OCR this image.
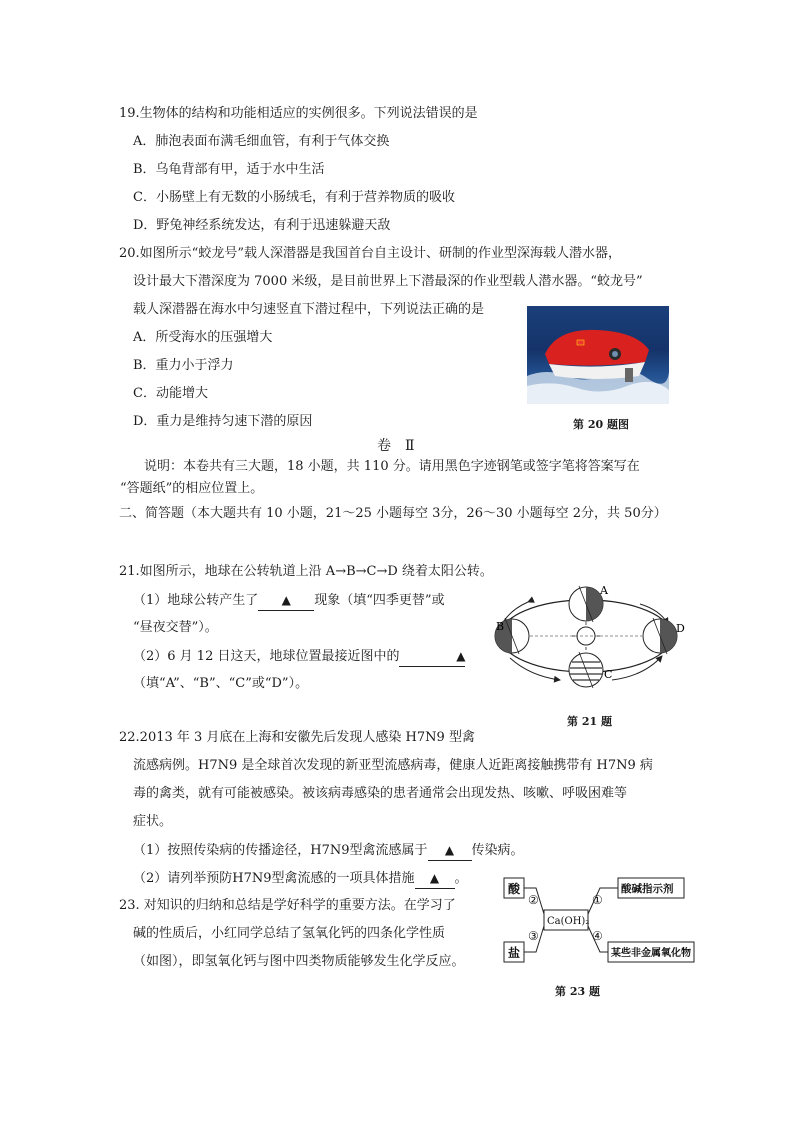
19.生物体的结构和功能相适应的实例很多。下列说法错误的是
A．肺泡表面布满毛细血管，有利于气体交换
B．乌龟背部有甲，适于水中生活
C．小肠壁上有无数的小肠绒毛，有利于营养物质的吸收
D．野兔神经系统发达，有利于迅速躲避天敌
20.如图所示“蛟龙号”载人深潜器是我国首台自主设计、研制的作业型深海载人潜水器，
设计最大下潜深度为 7000 米级，是目前世界上下潜最深的作业型载人潜水器。“蛟龙号”
载人深潜器在海水中匀速竖直下潜过程中，下列说法正确的是
A．所受海水的压强增大
B．重力小于浮力
C．动能增大
D．重力是维持匀速下潜的原因	第 20 题图
卷　Ⅱ
说明：本卷共有三大题，18 小题，共 110 分。请用黑色字迹钢笔或签字笔将答案写在
“答题纸”的相应位置上。
二、简答题（本大题共有 10 小题，21～25 小题每空 3分，26～30 小题每空 2分，共 50分）
21.如图所示，地球在公转轨道上沿 A→B→C→D 绕着太阳公转。
（1）地球公转产生了 ▲ 现象（填“四季更替”或
“昼夜交替”）。
（2）6 月 12 日这天，地球位置最接近图中的	▲
（填“A”、“B”、“C”或“D”）。
A
B
C
D
第 21 题
22.2013 年 3 月底在上海和安徽先后发现人感染 H7N9 型禽
流感病例。H7N9 是全球首次发现的新亚型流感病毒，健康人近距离接触携带有 H7N9 病
毒的禽类，就有可能被感染。被该病毒感染的患者通常会出现发热、咳嗽、呼吸困难等
症状。
（1）按照传染病的传播途径，H7N9型禽流感属于 ▲ 传染病。
（2）请列举预防H7N9型禽流感的一项具体措施 ▲ 。
23. 对知识的归纳和总结是学好科学的重要方法。在学习了
碱的性质后，小红同学总结了氢氧化钙的四条化学性质
（如图），即氢氧化钙与图中四类物质能够发生化学反应。
酸
盐
酸碱指示剂
某些非金属氧化物
Ca(OH)₂
②
③
①
④
第 23 题
